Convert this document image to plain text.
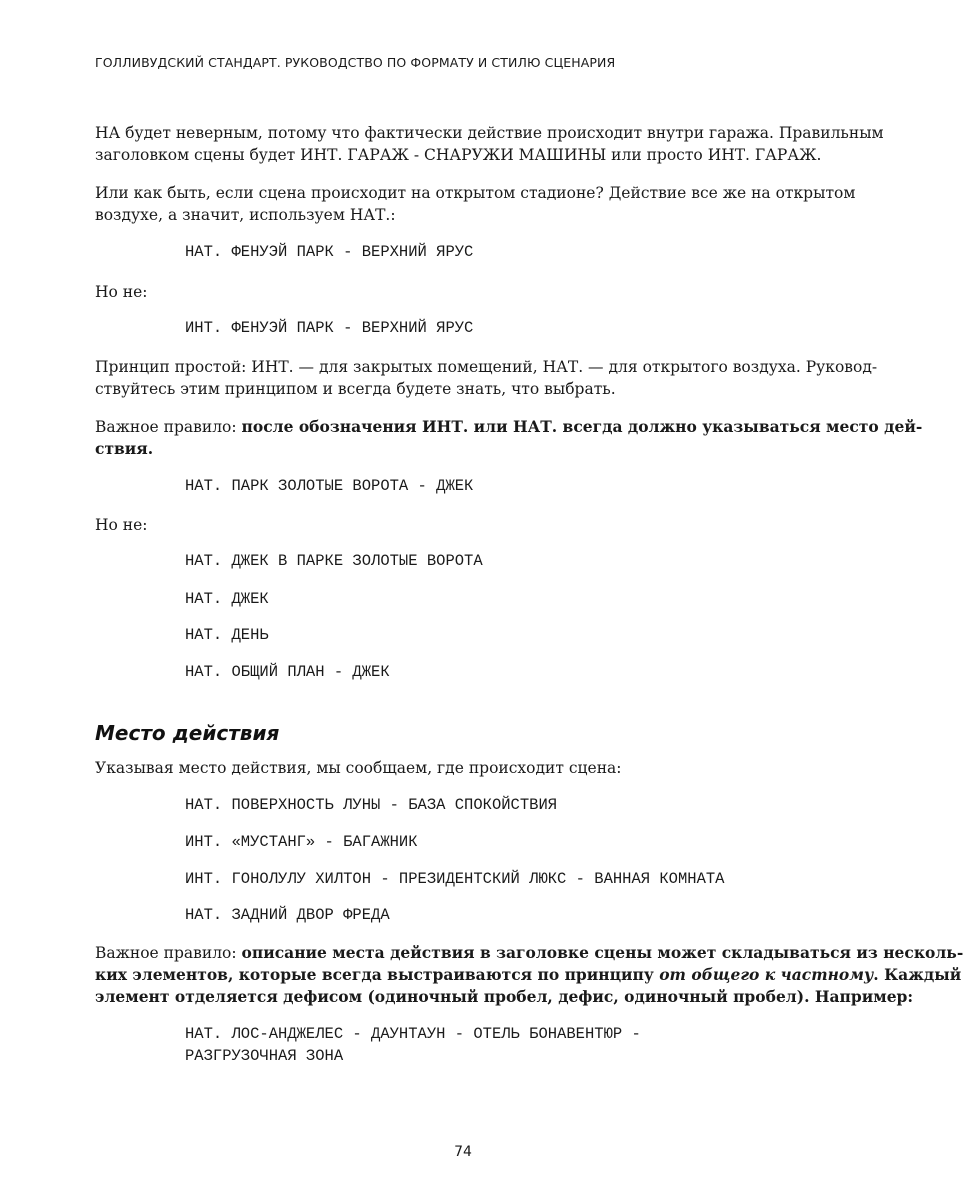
ГОЛЛИВУДСКИЙ СТАНДАРТ. РУКОВОДСТВО ПО ФОРМАТУ И СТИЛЮ СЦЕНАРИЯ

НА будет неверным, потому что фактически действие происходит внутри гаража. Правильным
заголовком сцены будет ИНТ. ГАРАЖ - СНАРУЖИ МАШИНЫ или просто ИНТ. ГАРАЖ.

Или как быть, если сцена происходит на открытом стадионе? Действие все же на открытом
воздухе, а значит, используем НАТ.:

НАТ. ФЕНУЭЙ ПАРК - ВЕРХНИЙ ЯРУС

Но не:

ИНТ. ФЕНУЭЙ ПАРК - ВЕРХНИЙ ЯРУС

Принцип простой: ИНТ. — для закрытых помещений, НАТ. — для открытого воздуха. Руковод-
ствуйтесь этим принципом и всегда будете знать, что выбрать.

Важное правило: после обозначения ИНТ. или НАТ. всегда должно указываться место дей-
ствия.

НАТ. ПАРК ЗОЛОТЫЕ ВОРОТА - ДЖЕК

Но не:

НАТ. ДЖЕК В ПАРКЕ ЗОЛОТЫЕ ВОРОТА

НАТ. ДЖЕК

НАТ. ДЕНЬ

НАТ. ОБЩИЙ ПЛАН - ДЖЕК

Место действия

Указывая место действия, мы сообщаем, где происходит сцена:

НАТ. ПОВЕРХНОСТЬ ЛУНЫ - БАЗА СПОКОЙСТВИЯ

ИНТ. «МУСТАНГ» - БАГАЖНИК

ИНТ. ГОНОЛУЛУ ХИЛТОН - ПРЕЗИДЕНТСКИЙ ЛЮКС - ВАННАЯ КОМНАТА

НАТ. ЗАДНИЙ ДВОР ФРЕДА

Важное правило: описание места действия в заголовке сцены может складываться из несколь-
ких элементов, которые всегда выстраиваются по принципу от общего к частному. Каждый
элемент отделяется дефисом (одиночный пробел, дефис, одиночный пробел). Например:

НАТ. ЛОС-АНДЖЕЛЕС - ДАУНТАУН - ОТЕЛЬ БОНАВЕНТЮР -
РАЗГРУЗОЧНАЯ ЗОНА

74
